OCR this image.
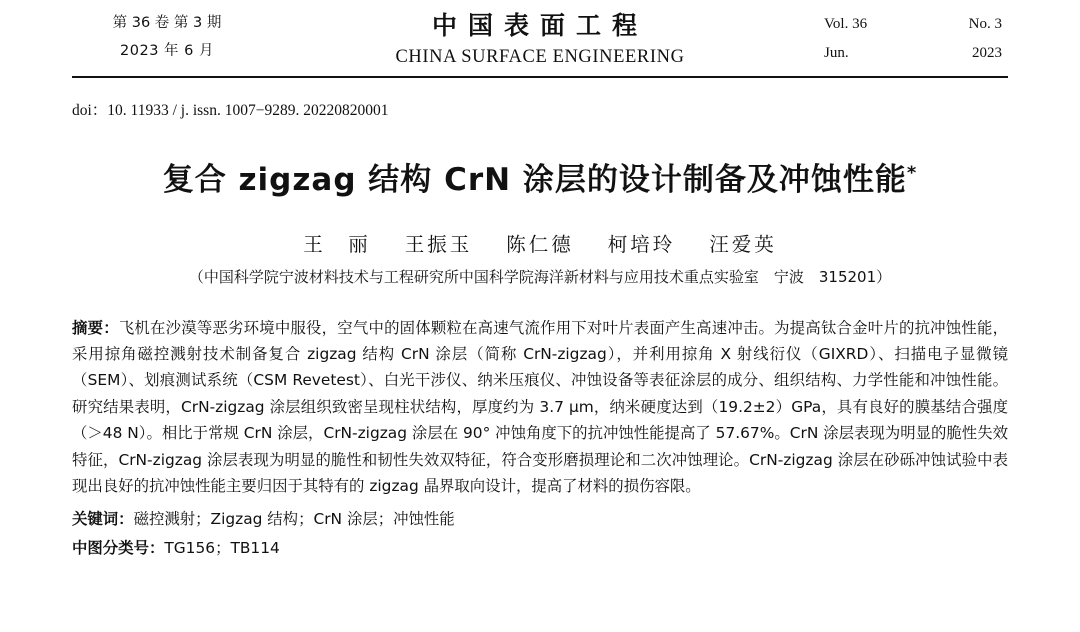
第 36 卷 第 3 期
2023 年 6 月
中国表面工程
CHINA SURFACE ENGINEERING
Vol. 36	No. 3
Jun.	2023
doi：10. 11933 / j. issn. 1007−9289. 20220820001
复合 zigzag 结构 CrN 涂层的设计制备及冲蚀性能*
王　丽 王振玉 陈仁德 柯培玲 汪爱英
（中国科学院宁波材料技术与工程研究所中国科学院海洋新材料与应用技术重点实验室　宁波　315201）
摘要：飞机在沙漠等恶劣环境中服役，空气中的固体颗粒在高速气流作用下对叶片表面产生高速冲击。为提高钛合金叶片的抗冲蚀性能，采用掠角磁控溅射技术制备复合 zigzag 结构 CrN 涂层（简称 CrN-zigzag），并利用掠角 X 射线衍仪（GIXRD）、扫描电子显微镜（SEM）、划痕测试系统（CSM Revetest）、白光干涉仪、纳米压痕仪、冲蚀设备等表征涂层的成分、组织结构、力学性能和冲蚀性能。研究结果表明，CrN-zigzag 涂层组织致密呈现柱状结构，厚度约为 3.7 μm，纳米硬度达到（19.2±2）GPa，具有良好的膜基结合强度（＞48 N）。相比于常规 CrN 涂层，CrN-zigzag 涂层在 90° 冲蚀角度下的抗冲蚀性能提高了 57.67%。CrN 涂层表现为明显的脆性失效特征，CrN-zigzag 涂层表现为明显的脆性和韧性失效双特征，符合变形磨损理论和二次冲蚀理论。CrN-zigzag 涂层在砂砾冲蚀试验中表现出良好的抗冲蚀性能主要归因于其特有的 zigzag 晶界取向设计，提高了材料的损伤容限。
关键词：磁控溅射；Zigzag 结构；CrN 涂层；冲蚀性能
中图分类号：TG156；TB114
